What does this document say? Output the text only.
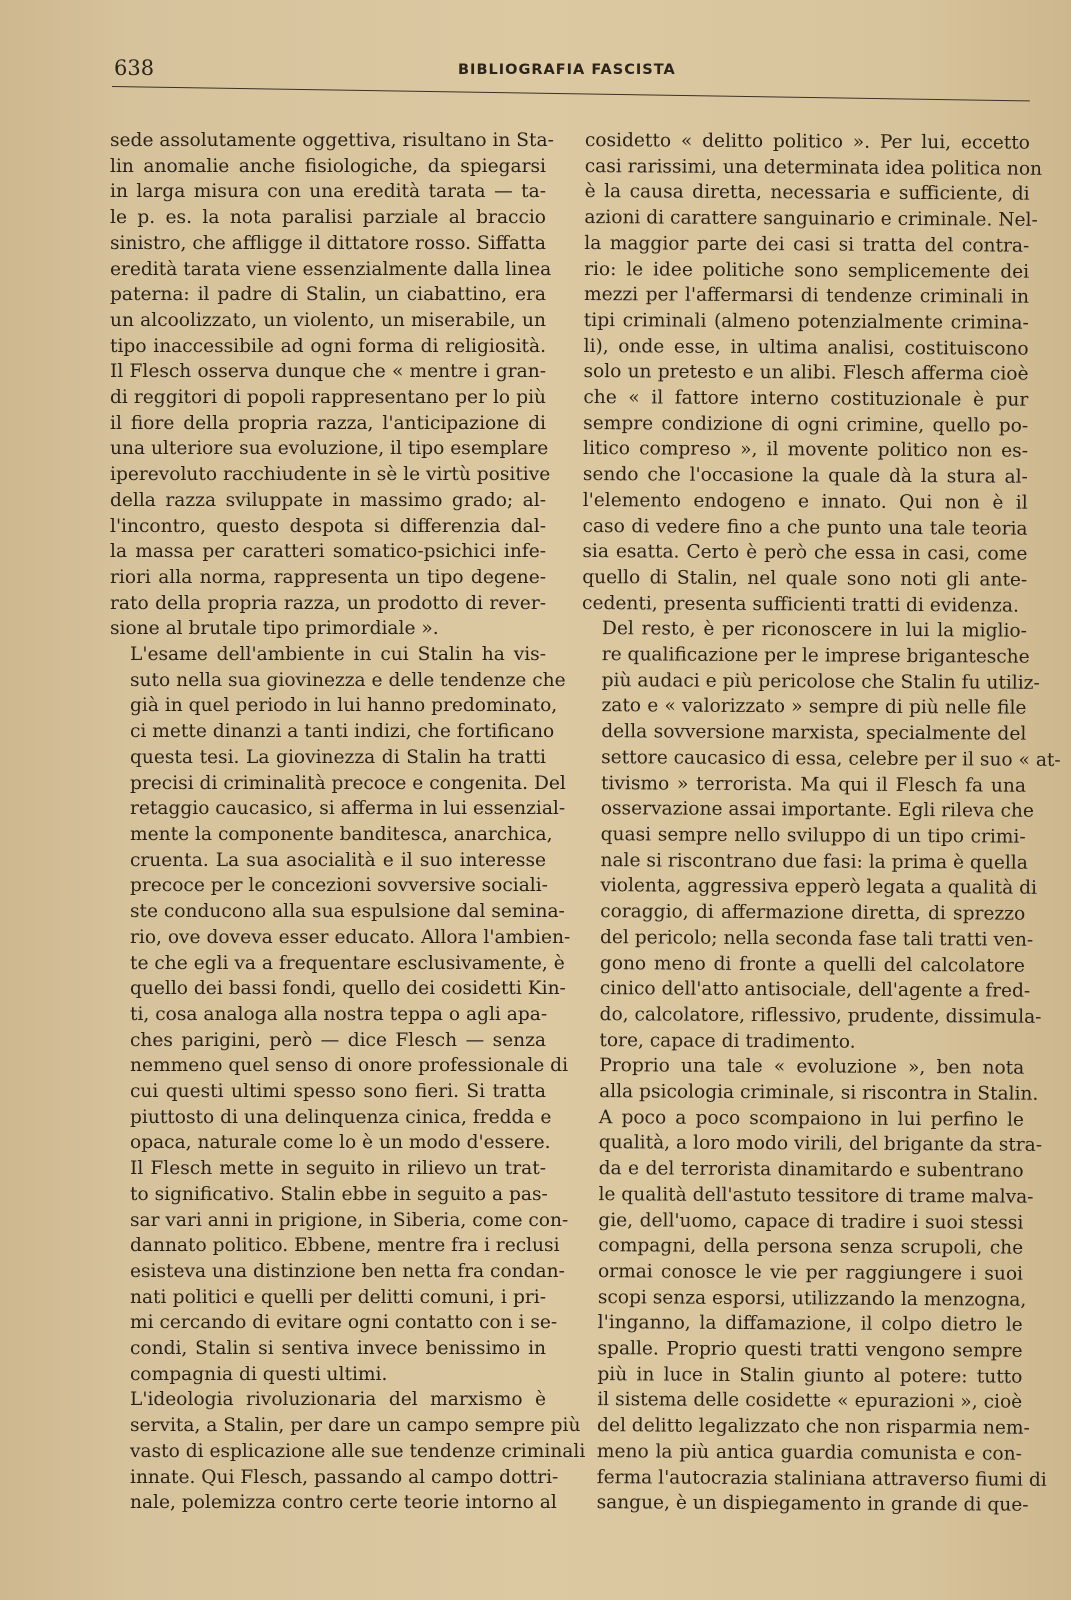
638	BIBLIOGRAFIA FASCISTA

sede assolutamente oggettiva, risultano in Sta-
lin anomalie anche fisiologiche, da spiegarsi
in larga misura con una eredità tarata — ta-
le p. es. la nota paralisi parziale al braccio
sinistro, che affligge il dittatore rosso. Siffatta
eredità tarata viene essenzialmente dalla linea
paterna: il padre di Stalin, un ciabattino, era
un alcoolizzato, un violento, un miserabile, un
tipo inaccessibile ad ogni forma di religiosità.
Il Flesch osserva dunque che « mentre i gran-
di reggitori di popoli rappresentano per lo più
il fiore della propria razza, l'anticipazione di
una ulteriore sua evoluzione, il tipo esemplare
iperevoluto racchiudente in sè le virtù positive
della razza sviluppate in massimo grado; al-
l'incontro, questo despota si differenzia dal-
la massa per caratteri somatico-psichici infe-
riori alla norma, rappresenta un tipo degene-
rato della propria razza, un prodotto di rever-
sione al brutale tipo primordiale ».

L'esame dell'ambiente in cui Stalin ha vis-
suto nella sua giovinezza e delle tendenze che
già in quel periodo in lui hanno predominato,
ci mette dinanzi a tanti indizi, che fortificano
questa tesi. La giovinezza di Stalin ha tratti
precisi di criminalità precoce e congenita. Del
retaggio caucasico, si afferma in lui essenzial-
mente la componente banditesca, anarchica,
cruenta. La sua asocialità e il suo interesse
precoce per le concezioni sovversive sociali-
ste conducono alla sua espulsione dal semina-
rio, ove doveva esser educato. Allora l'ambien-
te che egli va a frequentare esclusivamente, è
quello dei bassi fondi, quello dei cosidetti Kin-
ti, cosa analoga alla nostra teppa o agli apa-
ches parigini, però — dice Flesch — senza
nemmeno quel senso di onore professionale di
cui questi ultimi spesso sono fieri. Si tratta
piuttosto di una delinquenza cinica, fredda e
opaca, naturale come lo è un modo d'essere.

Il Flesch mette in seguito in rilievo un trat-
to significativo. Stalin ebbe in seguito a pas-
sar vari anni in prigione, in Siberia, come con-
dannato politico. Ebbene, mentre fra i reclusi
esisteva una distinzione ben netta fra condan-
nati politici e quelli per delitti comuni, i pri-
mi cercando di evitare ogni contatto con i se-
condi, Stalin si sentiva invece benissimo in
compagnia di questi ultimi.

L'ideologia rivoluzionaria del marxismo è
servita, a Stalin, per dare un campo sempre più
vasto di esplicazione alle sue tendenze criminali
innate. Qui Flesch, passando al campo dottri-
nale, polemizza contro certe teorie intorno al

cosidetto « delitto politico ». Per lui, eccetto
casi rarissimi, una determinata idea politica non
è la causa diretta, necessaria e sufficiente, di
azioni di carattere sanguinario e criminale. Nel-
la maggior parte dei casi si tratta del contra-
rio: le idee politiche sono semplicemente dei
mezzi per l'affermarsi di tendenze criminali in
tipi criminali (almeno potenzialmente crimina-
li), onde esse, in ultima analisi, costituiscono
solo un pretesto e un alibi. Flesch afferma cioè
che « il fattore interno costituzionale è pur
sempre condizione di ogni crimine, quello po-
litico compreso », il movente politico non es-
sendo che l'occasione la quale dà la stura al-
l'elemento endogeno e innato. Qui non è il
caso di vedere fino a che punto una tale teoria
sia esatta. Certo è però che essa in casi, come
quello di Stalin, nel quale sono noti gli ante-
cedenti, presenta sufficienti tratti di evidenza.

Del resto, è per riconoscere in lui la miglio-
re qualificazione per le imprese brigantesche
più audaci e più pericolose che Stalin fu utiliz-
zato e « valorizzato » sempre di più nelle file
della sovversione marxista, specialmente del
settore caucasico di essa, celebre per il suo « at-
tivismo » terrorista. Ma qui il Flesch fa una
osservazione assai importante. Egli rileva che
quasi sempre nello sviluppo di un tipo crimi-
nale si riscontrano due fasi: la prima è quella
violenta, aggressiva epperò legata a qualità di
coraggio, di affermazione diretta, di sprezzo
del pericolo; nella seconda fase tali tratti ven-
gono meno di fronte a quelli del calcolatore
cinico dell'atto antisociale, dell'agente a fred-
do, calcolatore, riflessivo, prudente, dissimula-
tore, capace di tradimento.

Proprio una tale « evoluzione », ben nota
alla psicologia criminale, si riscontra in Stalin.
A poco a poco scompaiono in lui perfino le
qualità, a loro modo virili, del brigante da stra-
da e del terrorista dinamitardo e subentrano
le qualità dell'astuto tessitore di trame malva-
gie, dell'uomo, capace di tradire i suoi stessi
compagni, della persona senza scrupoli, che
ormai conosce le vie per raggiungere i suoi
scopi senza esporsi, utilizzando la menzogna,
l'inganno, la diffamazione, il colpo dietro le
spalle. Proprio questi tratti vengono sempre
più in luce in Stalin giunto al potere: tutto
il sistema delle cosidette « epurazioni », cioè
del delitto legalizzato che non risparmia nem-
meno la più antica guardia comunista e con-
ferma l'autocrazia staliniana attraverso fiumi di
sangue, è un dispiegamento in grande di que-
